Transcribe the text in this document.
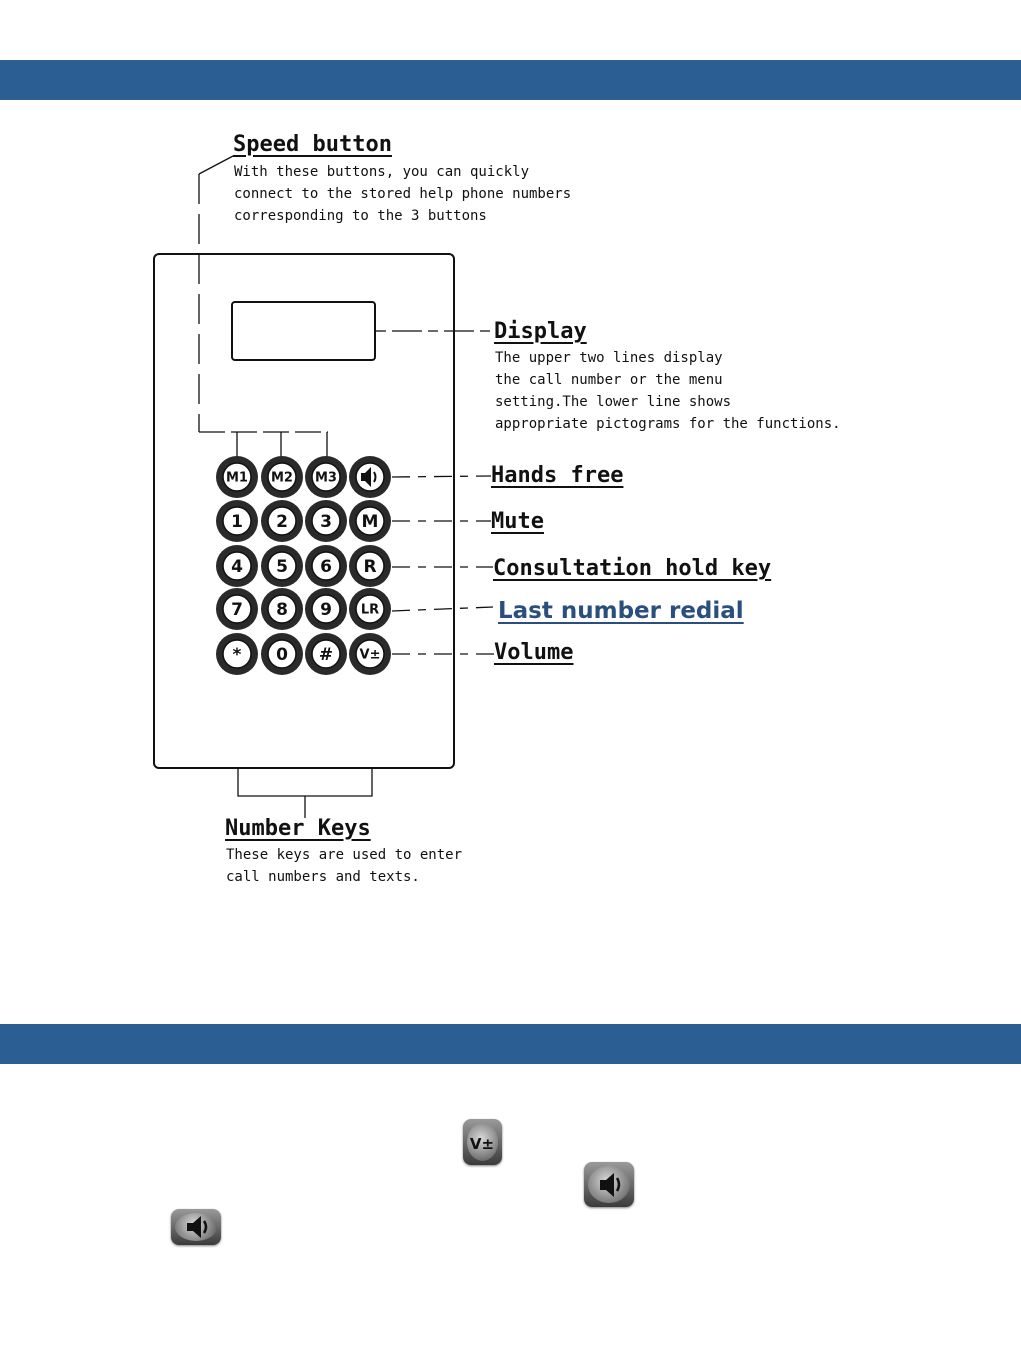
M1 M2 M3
1 2 3 M
4 5 6 R
7 8 9 LR
* 0 # V±
Speed button
With these buttons, you can quickly
connect to the stored help phone numbers
corresponding to the 3 buttons
Display
The upper two lines display
the call number or the menu
setting.The lower line shows
appropriate pictograms for the functions.
Hands free
Mute
Consultation hold key
Last number redial
Volume
Number Keys
These keys are used to enter
call numbers and texts.
V±
